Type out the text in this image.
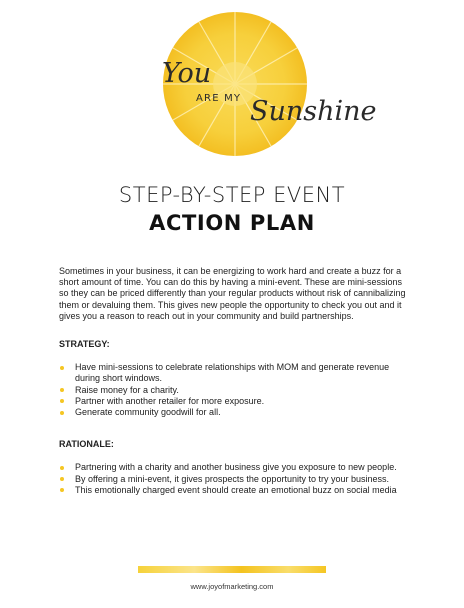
You
ARE MY Sunshine
STEP-BY-STEP EVENT
ACTION PLAN

Sometimes in your business, it can be energizing to work hard and create a buzz for a short amount of time. You can do this by having a mini-event. These are mini-sessions so they can be priced differently than your regular products without risk of cannibalizing them or devaluing them. This gives new people the opportunity to check you out and it gives you a reason to reach out in your community and build partnerships.

STRATEGY:
Have mini-sessions to celebrate relationships with MOM and generate revenue during short windows.
Raise money for a charity.
Partner with another retailer for more exposure.
Generate community goodwill for all.
RATIONALE:
Partnering with a charity and another business give you exposure to new people.
By offering a mini-event, it gives prospects the opportunity to try your business.
This emotionally charged event should create an emotional buzz on social media
www.joyofmarketing.com
